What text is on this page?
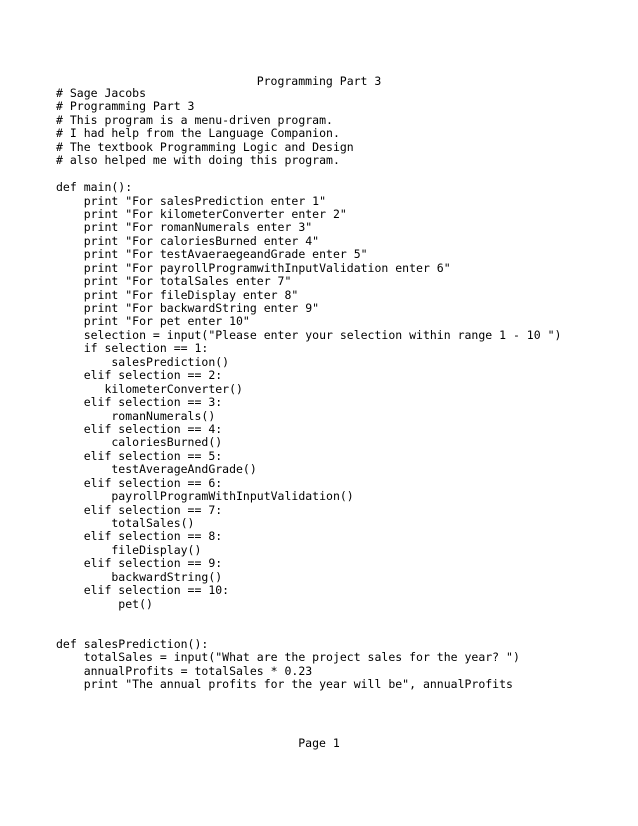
Programming Part 3
# Sage Jacobs
# Programming Part 3
# This program is a menu-driven program.
# I had help from the Language Companion.
# The textbook Programming Logic and Design
# also helped me with doing this program.

def main():
print "For salesPrediction enter 1"
print "For kilometerConverter enter 2"
print "For romanNumerals enter 3"
print "For caloriesBurned enter 4"
print "For testAvaeraegeandGrade enter 5"
print "For payrollProgramwithInputValidation enter 6"
print "For totalSales enter 7"
print "For fileDisplay enter 8"
print "For backwardString enter 9"
print "For pet enter 10"
selection = input("Please enter your selection within range 1 - 10 ")
if selection == 1:
salesPrediction()
elif selection == 2:
kilometerConverter()
elif selection == 3:
romanNumerals()
elif selection == 4:
caloriesBurned()
elif selection == 5:
testAverageAndGrade()
elif selection == 6:
payrollProgramWithInputValidation()
elif selection == 7:
totalSales()
elif selection == 8:
fileDisplay()
elif selection == 9:
backwardString()
elif selection == 10:
pet()

def salesPrediction():
totalSales = input("What are the project sales for the year? ")
annualProfits = totalSales * 0.23
print "The annual profits for the year will be", annualProfits
Page 1
